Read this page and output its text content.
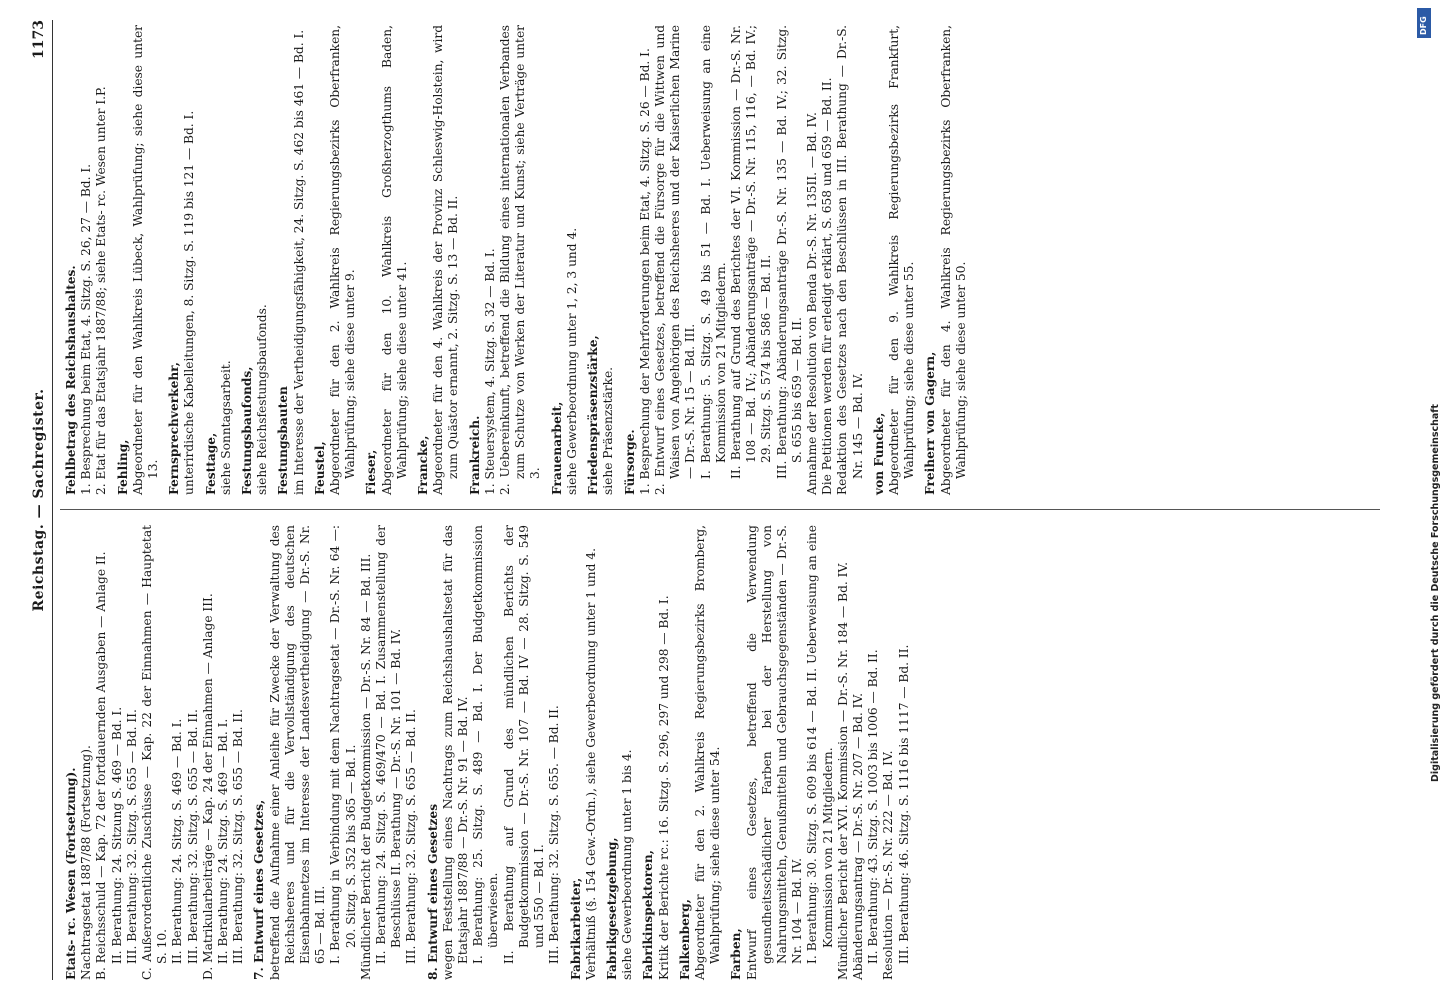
DFG
Digitalisierung gefördert durch die Deutsche Forschungsgemeinschaft
Reichstag. — Sachregister.
1173
Etats- rc. Wesen (Fortsetzung). Nachtragsetat 1887/88 (Fortsetzung). B. Reichsschuld — Kap. 72 der fortdauernden Ausgaben — Anlage II. II. Berathung: 24. Sitzung S. 469 — Bd. I. III. Berathung: 32. Sitzg. S. 655 — Bd. II. C. Außerordentliche Zuschüsse — Kap. 22 der Einnahmen — Hauptetat S. 10. II. Berathung: 24. Sitzg. S. 469 — Bd. I. III. Berathung: 32. Sitzg. S. 655 — Bd. II. D. Matrikularbeiträge — Kap. 24 der Einnahmen — Anlage III. II. Berathung: 24. Sitzg. S. 469 — Bd. I. III. Berathung: 32. Sitzg. S. 655 — Bd. II. 7. Entwurf eines Gesetzes, betreffend die Aufnahme einer Anleihe für Zwecke der Verwaltung des Reichsheeres und für die Vervollständigung des deutschen Eisenbahnnetzes im Interesse der Landesvertheidigung — Dr.-S. Nr. 65 — Bd. III. I. Berathung in Verbindung mit dem Nachtragsetat — Dr.-S. Nr. 64 —: 20. Sitzg. S. 352 bis 365 — Bd. I. Mündlicher Bericht der Budgetkommission — Dr.-S. Nr. 84 — Bd. III. II. Berathung: 24. Sitzg. S. 469/470 — Bd. I. Zusammenstellung der Beschlüsse II. Berathung — Dr.-S. Nr. 101 — Bd. IV. III. Berathung: 32. Sitzg. S. 655 — Bd. II. 8. Entwurf eines Gesetzes wegen Feststellung eines Nachtrags zum Reichshaushaltsetat für das Etatsjahr 1887/88 — Dr.-S. Nr. 91 — Bd. IV. I. Berathung: 25. Sitzg. S. 489 — Bd. I. Der Budgetkommission überwiesen. II. Berathung auf Grund des mündlichen Berichts der Budgetkommission — Dr.-S. Nr. 107 — Bd. IV — 28. Sitzg. S. 549 und 550 — Bd. I. III. Berathung: 32. Sitzg. S. 655. — Bd. II. Fabrikarbeiter, Verhältniß (§. 154 Gew.-Ordn.), siehe Gewerbeordnung unter 1 und 4. Fabrikgesetzgebung, siehe Gewerbeordnung unter 1 bis 4. Fabrikinspektoren, Kritik der Berichte rc.: 16. Sitzg. S. 296, 297 und 298 — Bd. I. Falkenberg, Abgeordneter für den 2. Wahlkreis Regierungsbezirks Bromberg, Wahlprüfung; siehe diese unter 54. Farben, Entwurf eines Gesetzes, betreffend die Verwendung gesundheitsschädlicher Farben bei der Herstellung von Nahrungsmitteln, Genußmitteln und Gebrauchsgegenständen — Dr.-S. Nr. 104 — Bd. IV. I. Berathung: 30. Sitzg. S. 609 bis 614 — Bd. II. Ueberweisung an eine Kommission von 21 Mitgliedern. Mündlicher Bericht der XVI. Kommission — Dr.-S. Nr. 184 — Bd. IV. Abänderungsantrag — Dr.-S. Nr. 207 — Bd. IV. II. Berathung: 43. Sitzg. S. 1003 bis 1006 — Bd. II. Resolution — Dr.-S. Nr. 222 — Bd. IV. III. Berathung: 46. Sitzg. S. 1116 bis 1117 — Bd. II.
Fehlbetrag des Reichshaushaltes. 1. Besprechung beim Etat, 4. Sitzg. S. 26, 27 — Bd. I. 2. Etat für das Etatsjahr 1887/88; siehe Etats- rc. Wesen unter I.P. Fehling, Abgeordneter für den Wahlkreis Lübeck, Wahlprüfung; siehe diese unter 13. Fernsprechverkehr, unterirdische Kabelleitungen, 8. Sitzg. S. 119 bis 121 — Bd. I. Festtage, siehe Sonntagsarbeit. Festungsbaufonds, siehe Reichsfestungsbaufonds. Festungsbauten im Interesse der Vertheidigungsfähigkeit, 24. Sitzg. S. 462 bis 461 — Bd. I. Feustel, Abgeordneter für den 2. Wahlkreis Regierungsbezirks Oberfranken, Wahlprüfung; siehe diese unter 9. Fieser, Abgeordneter für den 10. Wahlkreis Großherzogthums Baden, Wahlprüfung; siehe diese unter 41. Francke, Abgeordneter für den 4. Wahlkreis der Provinz Schleswig-Holstein, wird zum Quästor ernannt, 2. Sitzg. S. 13 — Bd. II. Frankreich. 1. Steuersystem, 4. Sitzg. S. 32 — Bd. I. 2. Uebereinkunft, betreffend die Bildung eines internationalen Verbandes zum Schutze von Werken der Literatur und Kunst; siehe Verträge unter 3. Frauenarbeit, siehe Gewerbeordnung unter 1, 2, 3 und 4. Friedenspräsenzstärke, siehe Präsenzstärke. Fürsorge. 1. Besprechung der Mehrforderungen beim Etat, 4. Sitzg. S. 26 — Bd. I. 2. Entwurf eines Gesetzes, betreffend die Fürsorge für die Wittwen und Waisen von Angehörigen des Reichsheeres und der Kaiserlichen Marine — Dr.-S. Nr. 15 — Bd. III. I. Berathung: 5. Sitzg. S. 49 bis 51 — Bd. I. Ueberweisung an eine Kommission von 21 Mitgliedern. II. Berathung auf Grund des Berichtes der VI. Kommission — Dr.-S. Nr. 108 — Bd. IV.; Abänderungsanträge — Dr.-S. Nr. 115, 116, — Bd. IV.; 29. Sitzg. S. 574 bis 586 — Bd. II. III. Berathung: Abänderungsanträge Dr.-S. Nr. 135 — Bd. IV.; 32. Sitzg. S. 655 bis 659 — Bd. II. Annahme der Resolution von Benda Dr.-S. Nr. 135II. — Bd. IV. Die Petitionen werden für erledigt erklärt, S. 658 und 659 — Bd. II. Redaktion des Gesetzes nach den Beschlüssen in III. Berathung — Dr.-S. Nr. 145 — Bd. IV. von Funcke, Abgeordneter für den 9. Wahlkreis Regierungsbezirks Frankfurt, Wahlprüfung; siehe diese unter 55. Freiherr von Gagern, Abgeordneter für den 4. Wahlkreis Regierungsbezirks Oberfranken, Wahlprüfung; siehe diese unter 50.
